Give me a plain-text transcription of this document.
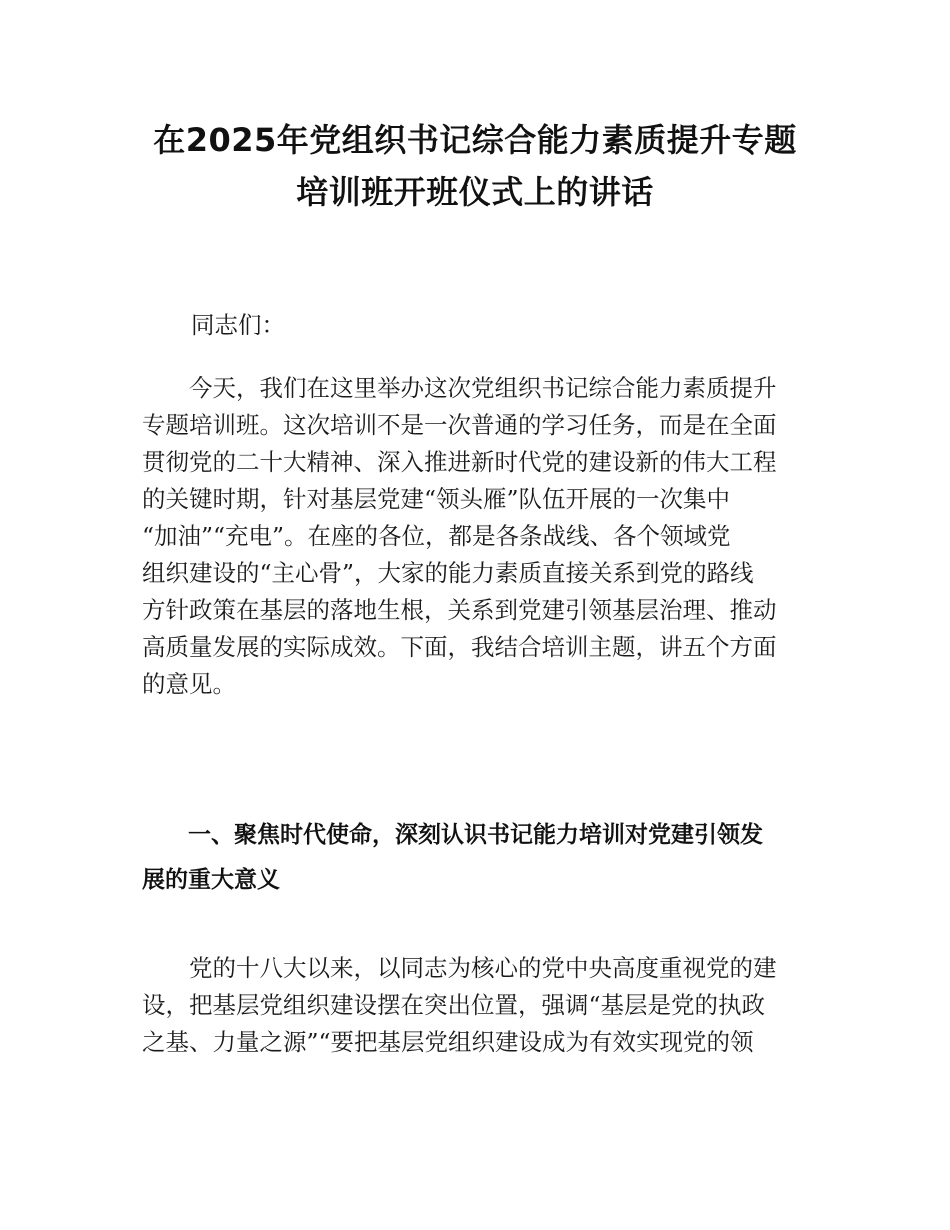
在2025年党组织书记综合能力素质提升专题
培训班开班仪式上的讲话
同志们：
　　今天，我们在这里举办这次党组织书记综合能力素质提升
专题培训班。这次培训不是一次普通的学习任务，而是在全面
贯彻党的二十大精神、深入推进新时代党的建设新的伟大工程
的关键时期，针对基层党建“领头雁”队伍开展的一次集中
“加油”“充电”。在座的各位，都是各条战线、各个领域党
组织建设的“主心骨”，大家的能力素质直接关系到党的路线
方针政策在基层的落地生根，关系到党建引领基层治理、推动
高质量发展的实际成效。下面，我结合培训主题，讲五个方面
的意见。
　　一、聚焦时代使命，深刻认识书记能力培训对党建引领发
展的重大意义
　　党的十八大以来，以同志为核心的党中央高度重视党的建
设，把基层党组织建设摆在突出位置，强调“基层是党的执政
之基、力量之源”“要把基层党组织建设成为有效实现党的领
